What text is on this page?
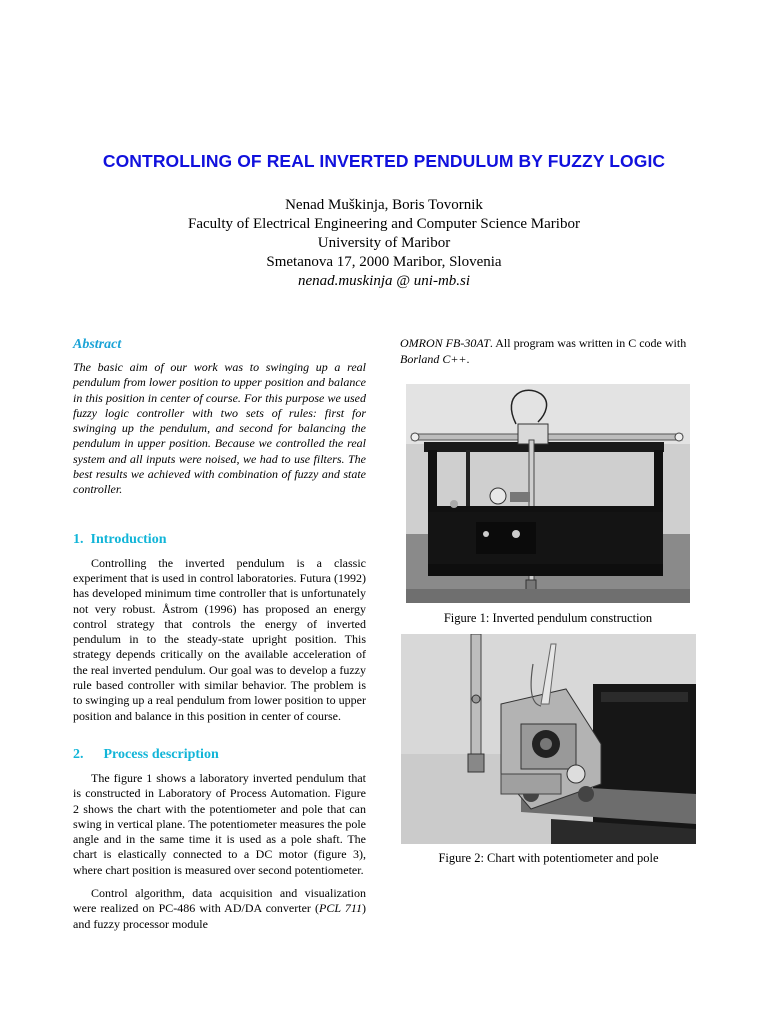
CONTROLLING OF REAL INVERTED PENDULUM BY FUZZY LOGIC
Nenad Muškinja, Boris Tovornik
Faculty of Electrical Engineering and Computer Science Maribor
University of Maribor
Smetanova 17, 2000 Maribor, Slovenia
nenad.muskinja @ uni-mb.si
Abstract

The basic aim of our work was to swinging up a real pendulum from lower position to upper position and balance in this position in center of course. For this purpose we used fuzzy logic controller with two sets of rules: first for swinging up the pendulum, and second for balancing the pendulum in upper position. Because we controlled the real system and all inputs were noised, we had to use filters. The best results we achieved with combination of fuzzy and state controller.

1. Introduction

Controlling the inverted pendulum is a classic experiment that is used in control laboratories. Futura (1992) has developed minimum time controller that is unfortunately not very robust. Åstrom (1996) has proposed an energy control strategy that controls the energy of inverted pendulum in to the steady-state upright position. This strategy depends critically on the available acceleration of the real inverted pendulum. Our goal was to develop a fuzzy rule based controller with similar behavior. The problem is to swinging up a real pendulum from lower position to upper position and balance in this position in center of course.

2. Process description

The figure 1 shows a laboratory inverted pendulum that is constructed in Laboratory of Process Automation. Figure 2 shows the chart with the potentiometer and pole that can swing in vertical plane. The potentiometer measures the pole angle and in the same time it is used as a pole shaft. The chart is elastically connected to a DC motor (figure 3), where chart position is measured over second potentiometer.

Control algorithm, data acquisition and visualization were realized on PC-486 with AD/DA converter (PCL 711) and fuzzy processor module

OMRON FB-30AT. All program was written in C code with Borland C++.

Figure 1: Inverted pendulum construction
Figure 2: Chart with potentiometer and pole
